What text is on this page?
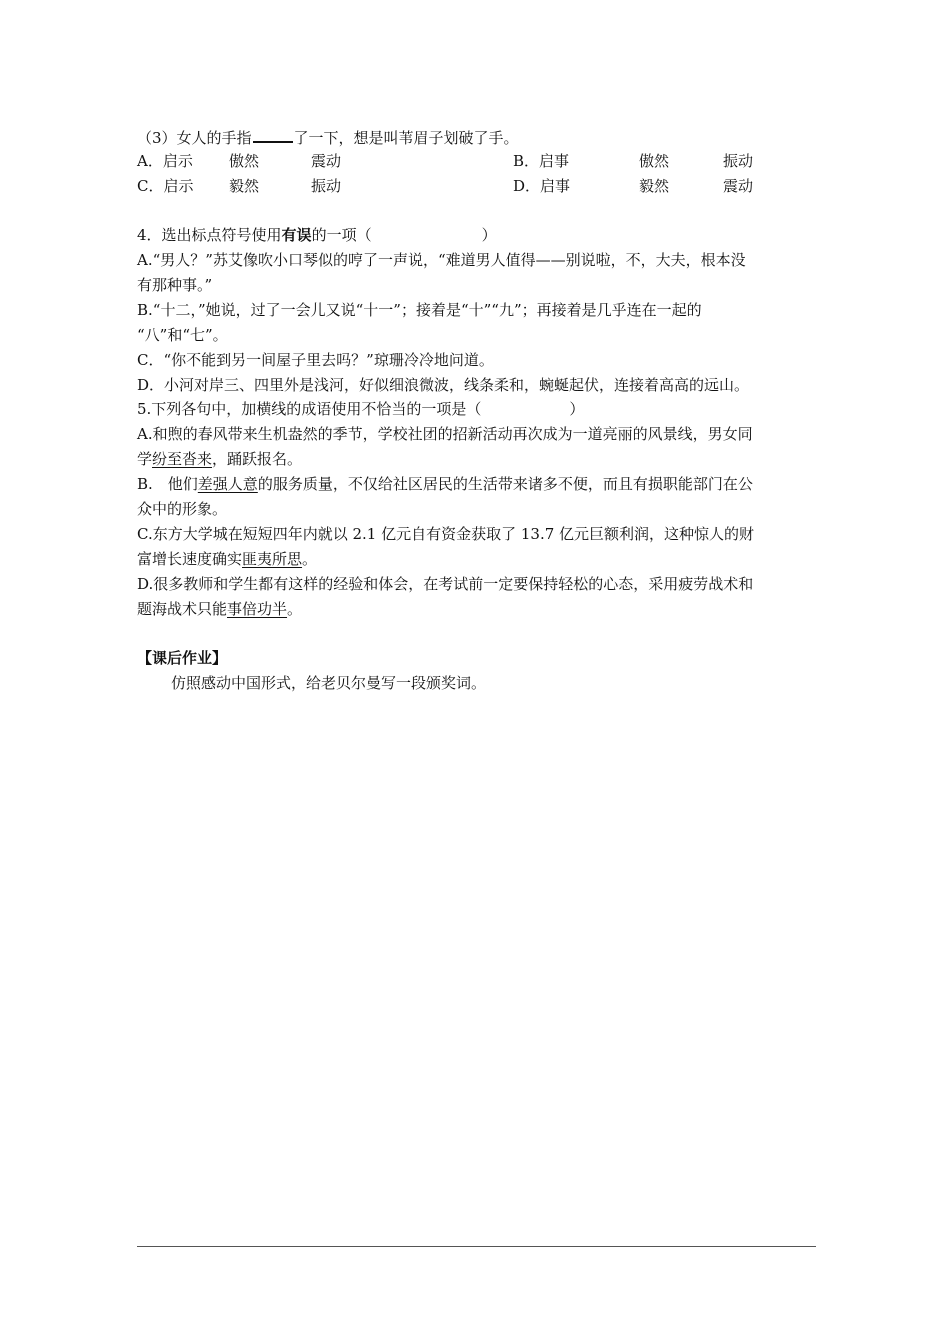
（3）女人的手指	了一下，想是叫苇眉子划破了手。
A．启示 傲然	震动	B．启事	傲然	振动
C．启示 毅然	振动	D．启事	毅然	震动
4．选出标点符号使用有误的一项（	）
A.“男人？”苏艾像吹小口琴似的哼了一声说，“难道男人值得——别说啦，不，大夫，根本没
有那种事。”
B.“十二，”她说，过了一会儿又说“十一”；接着是“十”“九”；再接着是几乎连在一起的
“八”和“七”。
C．“你不能到另一间屋子里去吗？”琼珊冷冷地问道。
D．小河对岸三、四里外是浅河，好似细浪微波，线条柔和，蜿蜒起伏，连接着高高的远山。
5.下列各句中，加横线的成语使用不恰当的一项是（	）
A.和煦的春风带来生机盎然的季节，学校社团的招新活动再次成为一道亮丽的风景线，男女同
学纷至沓来，踊跃报名。
B.　他们差强人意的服务质量，不仅给社区居民的生活带来诸多不便，而且有损职能部门在公
众中的形象。
C.东方大学城在短短四年内就以 2.1 亿元自有资金获取了 13.7 亿元巨额利润，这种惊人的财
富增长速度确实匪夷所思。
D.很多教师和学生都有这样的经验和体会，在考试前一定要保持轻松的心态，采用疲劳战术和
题海战术只能事倍功半。
【课后作业】
仿照感动中国形式，给老贝尔曼写一段颁奖词。
